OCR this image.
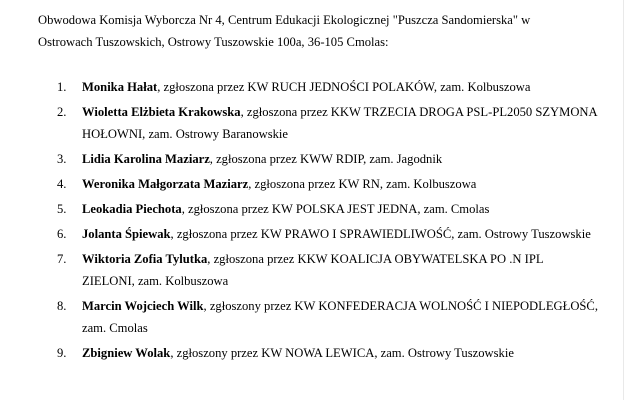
Obwodowa Komisja Wyborcza Nr 4, Centrum Edukacji Ekologicznej "Puszcza Sandomierska" w
Ostrowach Tuszowskich, Ostrowy Tuszowskie 100a, 36-105 Cmolas:
1. Monika Hałat, zgłoszona przez KW RUCH JEDNOŚCI POLAKÓW, zam. Kolbuszowa
2. Wioletta Elżbieta Krakowska, zgłoszona przez KKW TRZECIA DROGA PSL-PL2050 SZYMONA HOŁOWNI, zam. Ostrowy Baranowskie
3. Lidia Karolina Maziarz, zgłoszona przez KWW RDIP, zam. Jagodnik
4. Weronika Małgorzata Maziarz, zgłoszona przez KW RN, zam. Kolbuszowa
5. Leokadia Piechota, zgłoszona przez KW POLSKA JEST JEDNA, zam. Cmolas
6. Jolanta Śpiewak, zgłoszona przez KW PRAWO I SPRAWIEDLIWOŚĆ, zam. Ostrowy Tuszowskie
7. Wiktoria Zofia Tylutka, zgłoszona przez KKW KOALICJA OBYWATELSKA PO .N IPL ZIELONI, zam. Kolbuszowa
8. Marcin Wojciech Wilk, zgłoszony przez KW KONFEDERACJA WOLNOŚĆ I NIEPODLEGŁOŚĆ, zam. Cmolas
9. Zbigniew Wolak, zgłoszony przez KW NOWA LEWICA, zam. Ostrowy Tuszowskie
